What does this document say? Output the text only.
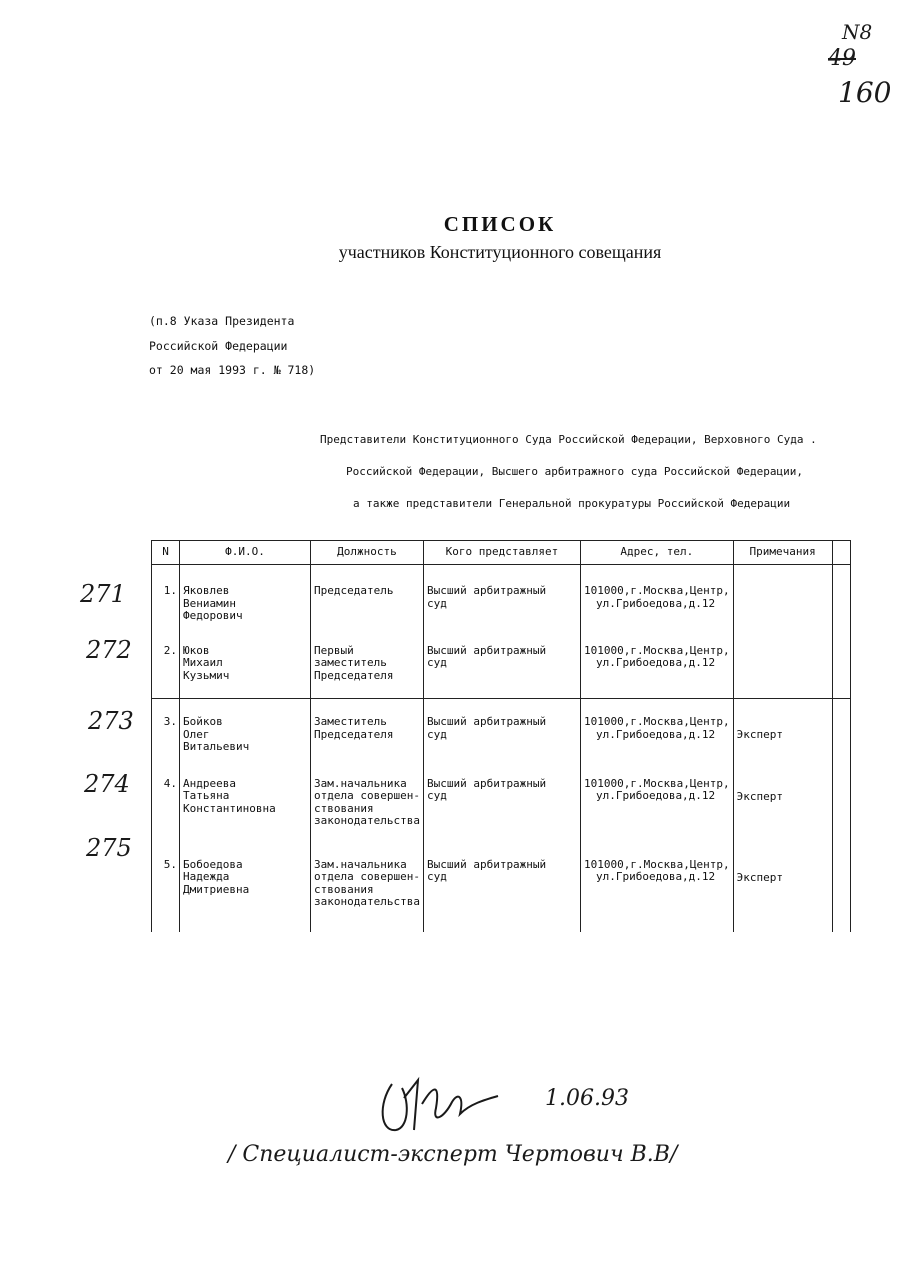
N8
49
160
СПИСОК
участников Конституционного совещания
(п.8 Указа Президента
Российской Федерации
от 20 мая 1993 г. № 718)
Представители Конституционного Суда Российской Федерации, Верховного Суда .
Российской Федерации, Высшего арбитражного суда Российской Федерации,
а также представители Генеральной прокуратуры Российской Федерации
N	Ф.И.О.	Должность	Кого представляет	Адрес, тел.	Примечания	
1.	Яковлев
Вениамин
Федорович	Председатель	Высший арбитражный
суд	101000,г.Москва,Центр,
ул.Грибоедова,д.12		

2.	Юков
Михаил
Кузьмич	Первый
заместитель
Председателя	Высший арбитражный
суд	101000,г.Москва,Центр,
ул.Грибоедова,д.12		

3.	Бойков
Олег
Витальевич	Заместитель
Председателя	Высший арбитражный
суд	101000,г.Москва,Центр,
ул.Грибоедова,д.12	Эксперт	
4.	Андреева
Татьяна
Константиновна	Зам.начальника
отдела совершен-
ствования
законодательства	Высший арбитражный
суд	101000,г.Москва,Центр,
ул.Грибоедова,д.12	Эксперт	
5.	Бобоедова
Надежда
Дмитриевна	Зам.начальника
отдела совершен-
ствования
законодательства	Высший арбитражный
суд	101000,г.Москва,Центр,
ул.Грибоедова,д.12	Эксперт	
271
272
273
274
275
1.06.93
/ Специалист-эксперт Чертович В.В/
